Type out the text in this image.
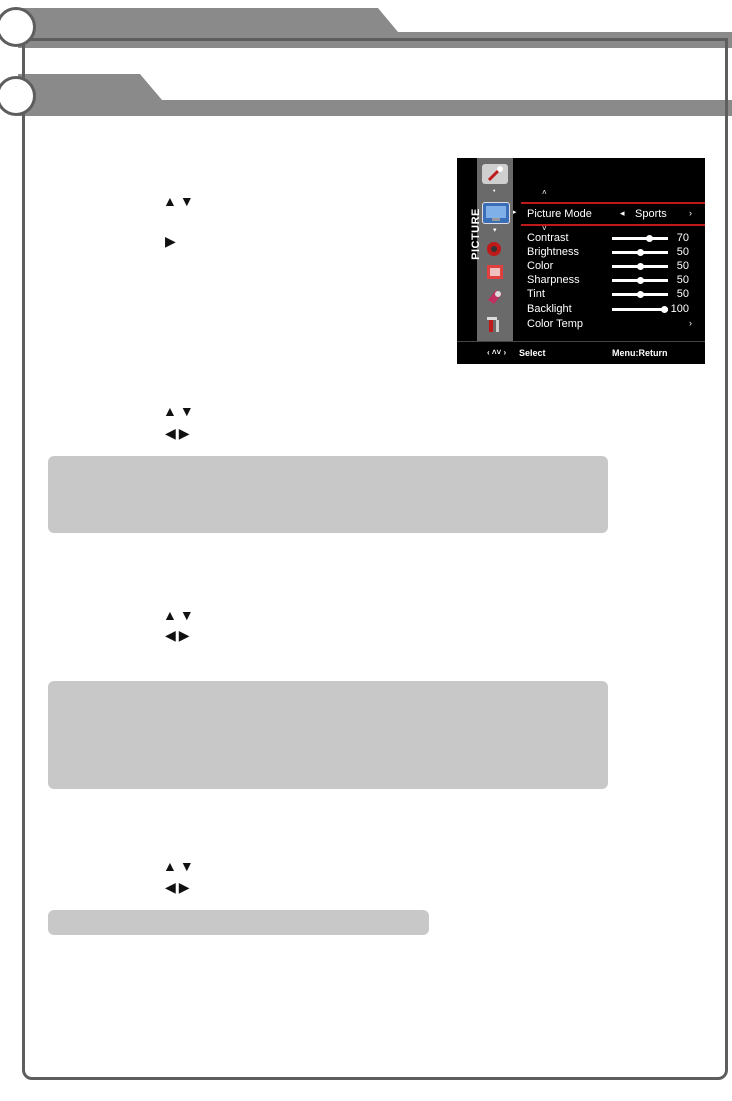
▲▼
▶
▲▼
◀▶
▲▼
◀▶
▲▼
◀▶
PICTURE	▸
•
▾
˄
Picture Mode	◂ Sports ›
˅
Contrast	70
Brightness	50
Color	50
Sharpness	50
Tint	50
Backlight	100
Color Temp	›
‹ ˄˅ › Select	Menu:Return
